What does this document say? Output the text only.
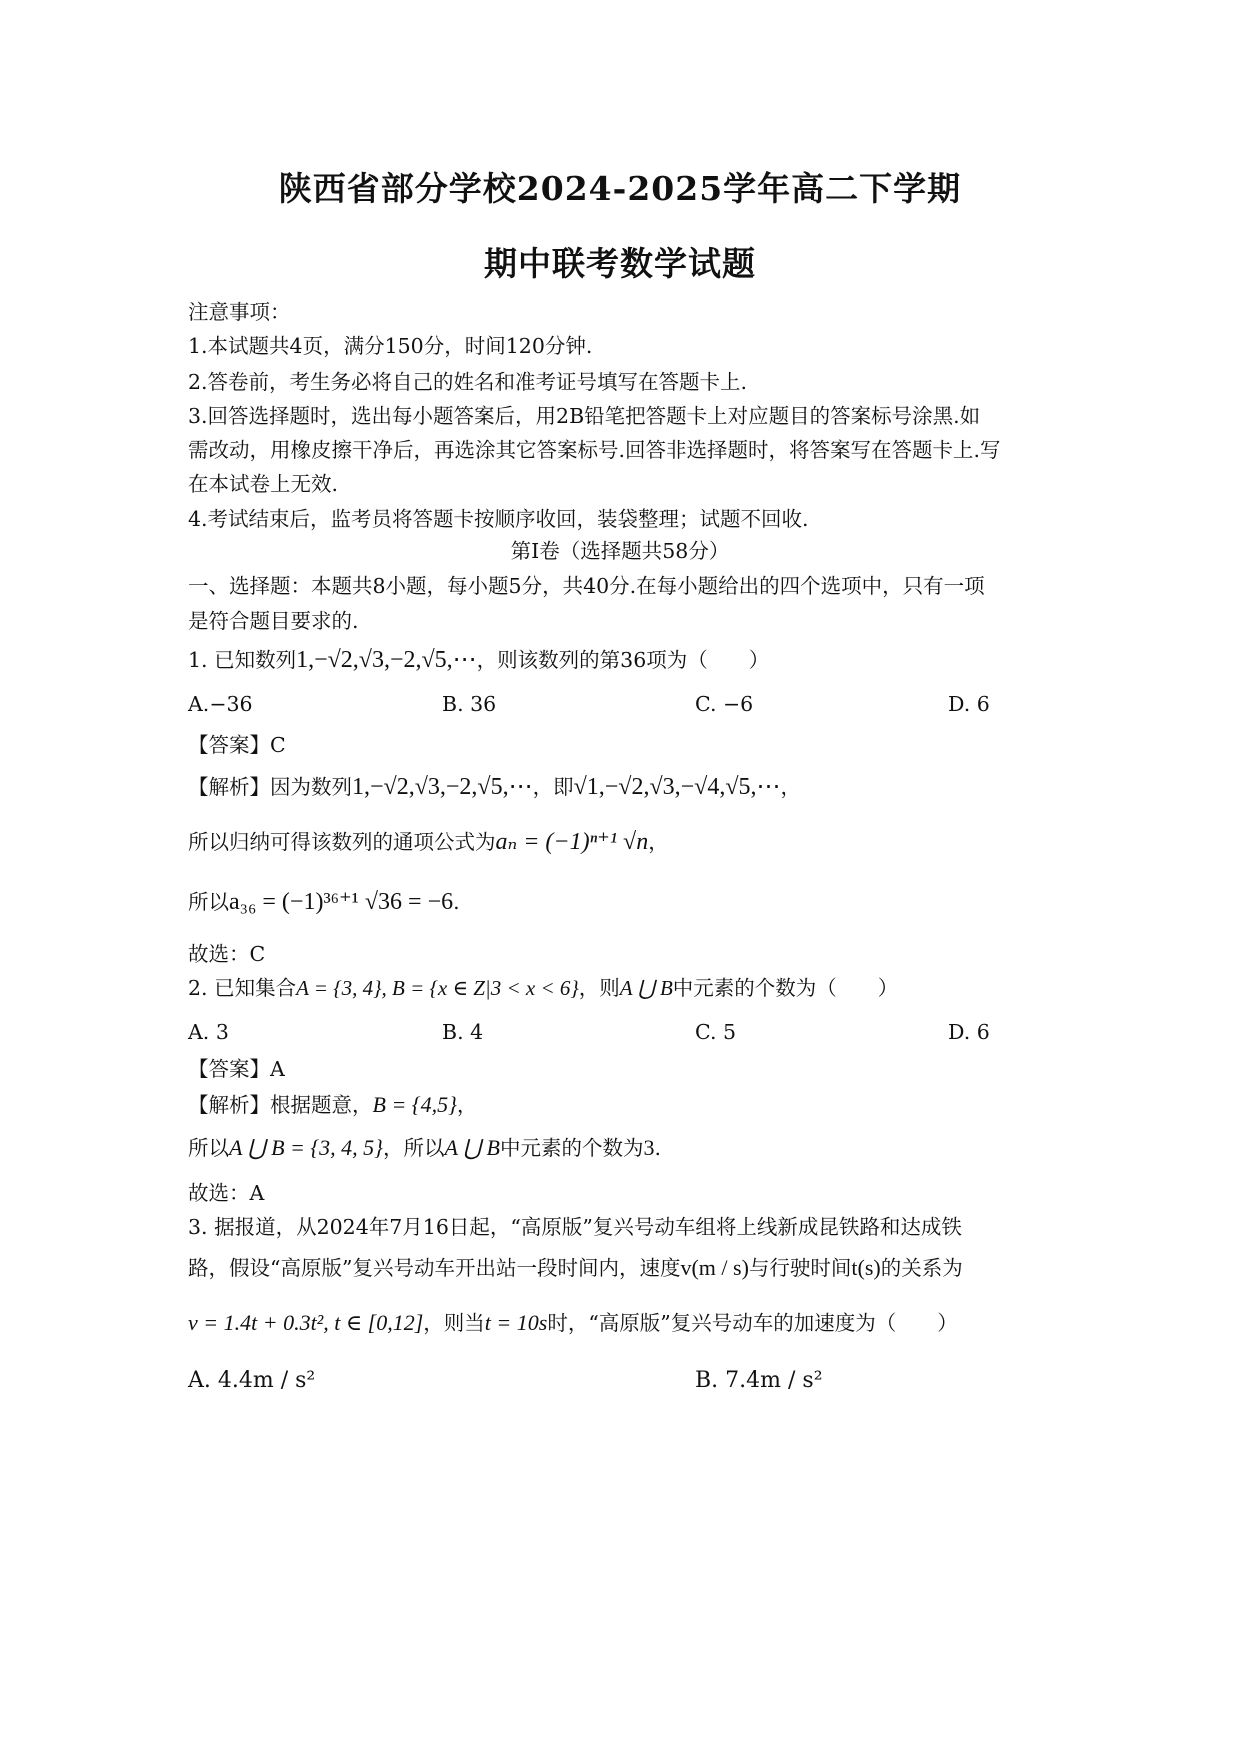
陕西省部分学校2024-2025学年高二下学期
期中联考数学试题
注意事项：
1.本试题共4页，满分150分，时间120分钟.
2.答卷前，考生务必将自己的姓名和准考证号填写在答题卡上.
3.回答选择题时，选出每小题答案后，用2B铅笔把答题卡上对应题目的答案标号涂黑.如
需改动，用橡皮擦干净后，再选涂其它答案标号.回答非选择题时，将答案写在答题卡上.写
在本试卷上无效.
4.考试结束后，监考员将答题卡按顺序收回，装袋整理；试题不回收.
第Ⅰ卷（选择题共58分）
一、选择题：本题共8小题，每小题5分，共40分.在每小题给出的四个选项中，只有一项
是符合题目要求的.
1. 已知数列1,−√2,√3,−2,√5,⋯，则该数列的第36项为（　　）
A.−36	B. 36	C. −6	D. 6
【答案】C
【解析】因为数列1,−√2,√3,−2,√5,⋯，即√1,−√2,√3,−√4,√5,⋯，
所以归纳可得该数列的通项公式为aₙ = (−1)ⁿ⁺¹ √n，
所以a₃₆ = (−1)³⁶⁺¹ √36 = −6.
故选：C
2. 已知集合A = {3, 4}, B = {x ∈ Z|3 < x < 6}，则A ⋃ B中元素的个数为（　　）
A. 3	B. 4	C. 5	D. 6
【答案】A
【解析】根据题意，B = {4,5}，
所以A ⋃ B = {3, 4, 5}，所以A ⋃ B中元素的个数为3.
故选：A
3. 据报道，从2024年7月16日起，“高原版”复兴号动车组将上线新成昆铁路和达成铁
路，假设“高原版”复兴号动车开出站一段时间内，速度v(m / s)与行驶时间t(s)的关系为
v = 1.4t + 0.3t², t ∈ [0,12]，则当t = 10s时，“高原版”复兴号动车的加速度为（　　）
A. 4.4m / s²	B. 7.4m / s²
